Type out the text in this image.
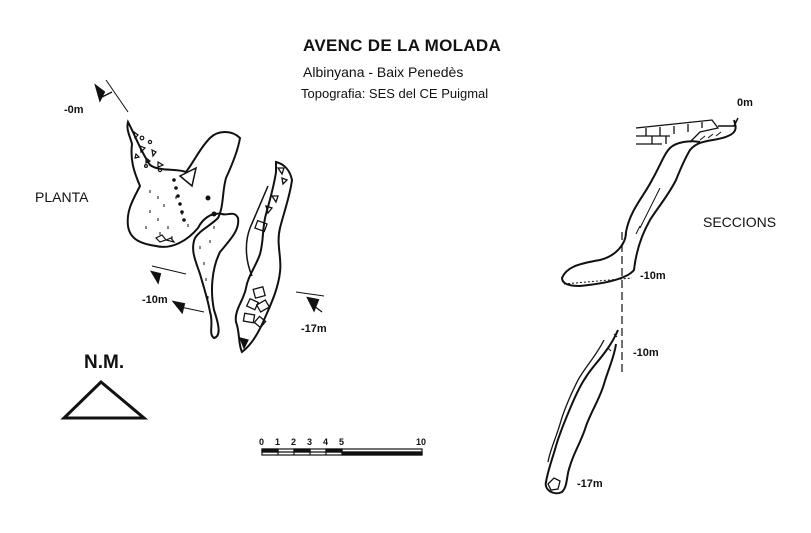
AVENC DE LA MOLADA
Albinyana - Baix Penedès
Topografia: SES del CE Puigmal
PLANTA
-0m
-10m
-17m
SECCIONS
0m
-10m
-10m
-17m
N.M.
0 1 2 3 4 5	10
